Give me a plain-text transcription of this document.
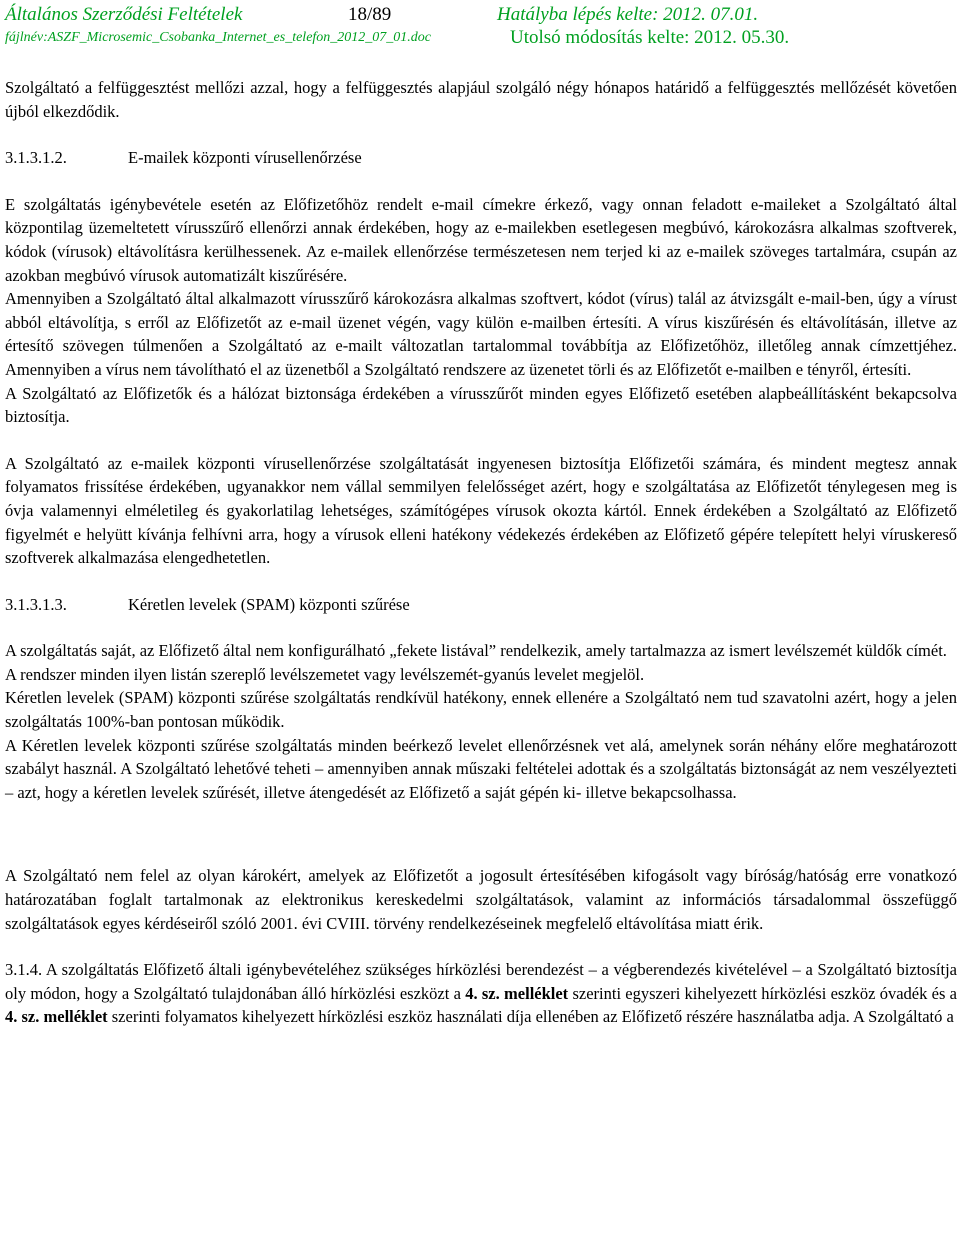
Általános Szerződési Feltételek	18/89	Hatályba lépés kelte: 2012. 07.01.
fájlnév:ASZF_Microsemic_Csobanka_Internet_es_telefon_2012_07_01.doc	Utolsó módosítás kelte: 2012. 05.30.

Szolgáltató a felfüggesztést mellőzi azzal, hogy a felfüggesztés alapjául szolgáló négy hónapos határidő a felfüggesztés mellőzését követően újból elkezdődik.

3.1.3.1.2.	E-mailek központi vírusellenőrzése

E szolgáltatás igénybevétele esetén az Előfizetőhöz rendelt e-mail címekre érkező, vagy onnan feladott e-maileket a Szolgáltató által központilag üzemeltetett vírusszűrő ellenőrzi annak érdekében, hogy az e-mailekben esetlegesen megbúvó, károkozásra alkalmas szoftverek, kódok (vírusok) eltávolításra kerülhessenek. Az e-mailek ellenőrzése természetesen nem terjed ki az e-mailek szöveges tartalmára, csupán az azokban megbúvó vírusok automatizált kiszűrésére.

Amennyiben a Szolgáltató által alkalmazott vírusszűrő károkozásra alkalmas szoftvert, kódot (vírus) talál az átvizsgált e-mail-ben, úgy a vírust abból eltávolítja, s erről az Előfizetőt az e-mail üzenet végén, vagy külön e-mailben értesíti. A vírus kiszűrésén és eltávolításán, illetve az értesítő szövegen túlmenően a Szolgáltató az e-mailt változatlan tartalommal továbbítja az Előfizetőhöz, illetőleg annak címzettjéhez. Amennyiben a vírus nem távolítható el az üzenetből a Szolgáltató rendszere az üzenetet törli és az Előfizetőt e-mailben e tényről, értesíti.

A Szolgáltató az Előfizetők és a hálózat biztonsága érdekében a vírusszűrőt minden egyes Előfizető esetében alapbeállításként bekapcsolva biztosítja.

A Szolgáltató az e-mailek központi vírusellenőrzése szolgáltatását ingyenesen biztosítja Előfizetői számára, és mindent megtesz annak folyamatos frissítése érdekében, ugyanakkor nem vállal semmilyen felelősséget azért, hogy e szolgáltatása az Előfizetőt ténylegesen meg is óvja valamennyi elméletileg és gyakorlatilag lehetséges, számítógépes vírusok okozta kártól. Ennek érdekében a Szolgáltató az Előfizető figyelmét e helyütt kívánja felhívni arra, hogy a vírusok elleni hatékony védekezés érdekében az Előfizető gépére telepített helyi víruskereső szoftverek alkalmazása elengedhetetlen.

3.1.3.1.3.	Kéretlen levelek (SPAM) központi szűrése

A szolgáltatás saját, az Előfizető által nem konfigurálható „fekete listával” rendelkezik, amely tartalmazza az ismert levélszemét küldők címét.

A rendszer minden ilyen listán szereplő levélszemetet vagy levélszemét-gyanús levelet megjelöl.

Kéretlen levelek (SPAM) központi szűrése szolgáltatás rendkívül hatékony, ennek ellenére a Szolgáltató nem tud szavatolni azért, hogy a jelen szolgáltatás 100%-ban pontosan működik.

A Kéretlen levelek központi szűrése szolgáltatás minden beérkező levelet ellenőrzésnek vet alá, amelynek során néhány előre meghatározott szabályt használ. A Szolgáltató lehetővé teheti – amennyiben annak műszaki feltételei adottak és a szolgáltatás biztonságát az nem veszélyezteti – azt, hogy a kéretlen levelek szűrését, illetve átengedését az Előfizető a saját gépén ki- illetve bekapcsolhassa.

A Szolgáltató nem felel az olyan károkért, amelyek az Előfizetőt a jogosult értesítésében kifogásolt vagy bíróság/hatóság erre vonatkozó határozatában foglalt tartalmonak az elektronikus kereskedelmi szolgáltatások, valamint az információs társadalommal összefüggő szolgáltatások egyes kérdéseiről szóló 2001. évi CVIII. törvény rendelkezéseinek megfelelő eltávolítása miatt érik.

3.1.4. A szolgáltatás Előfizető általi igénybevételéhez szükséges hírközlési berendezést – a végberendezés kivételével – a Szolgáltató biztosítja oly módon, hogy a Szolgáltató tulajdonában álló hírközlési eszközt a 4. sz. melléklet szerinti egyszeri kihelyezett hírközlési eszköz óvadék és a 4. sz. melléklet szerinti folyamatos kihelyezett hírközlési eszköz használati díja ellenében az Előfizető részére használatba adja. A Szolgáltató a
